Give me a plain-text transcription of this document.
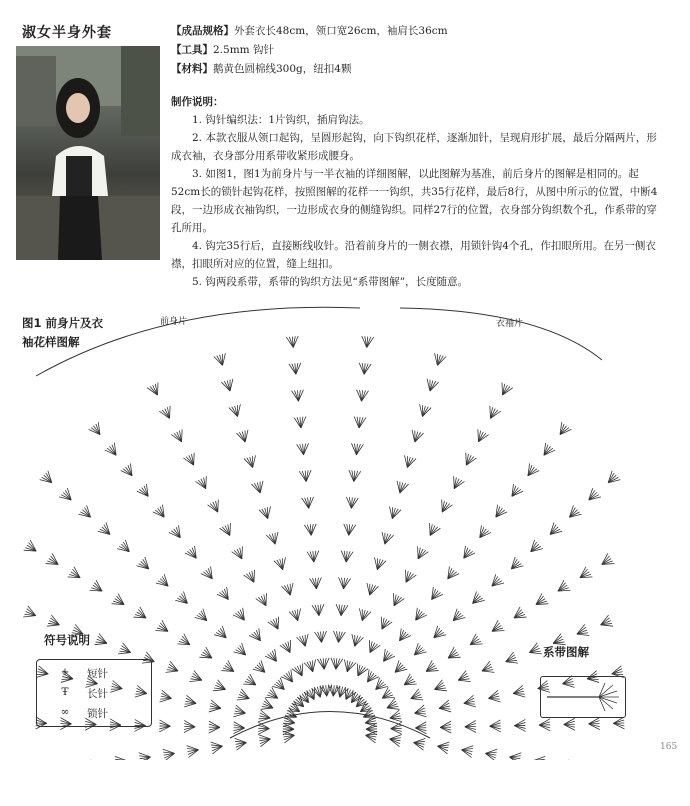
淑女半身外套	【成品规格】外套衣长48cm，领口宽26cm，袖肩长36cm
【工具】2.5mm 钩针
【材料】鹅黄色圆棉线300g，纽扣4颗
制作说明：

1. 钩针编织法：1片钩织，插肩钩法。

2. 本款衣服从领口起钩，呈圆形起钩，向下钩织花样，逐渐加针，呈现肩形扩展，最后分隔两片，形成衣袖，衣身部分用系带收紧形成腰身。

3. 如图1，图1为前身片与一半衣袖的详细图解，以此图解为基准，前后身片的图解是相同的。起52cm长的锁针起钩花样，按照图解的花样一一钩织，共35行花样，最后8行，从图中所示的位置，中断4段，一边形成衣袖钩织，一边形成衣身的侧缝钩织。同样27行的位置，衣身部分钩织数个孔，作系带的穿孔所用。

4. 钩完35行后，直接断线收针。沿着前身片的一侧衣襟，用锁针钩4个孔，作扣眼所用。在另一侧衣襟，扣眼所对应的位置，缝上纽扣。

5. 钩两段系带，系带的钩织方法见“系带图解”，长度随意。

图1 前身片及衣
袖花样图解
前身片	衣袖片
符号说明
+	短针
Ŧ	长针
∞	锁针
系带图解
165
